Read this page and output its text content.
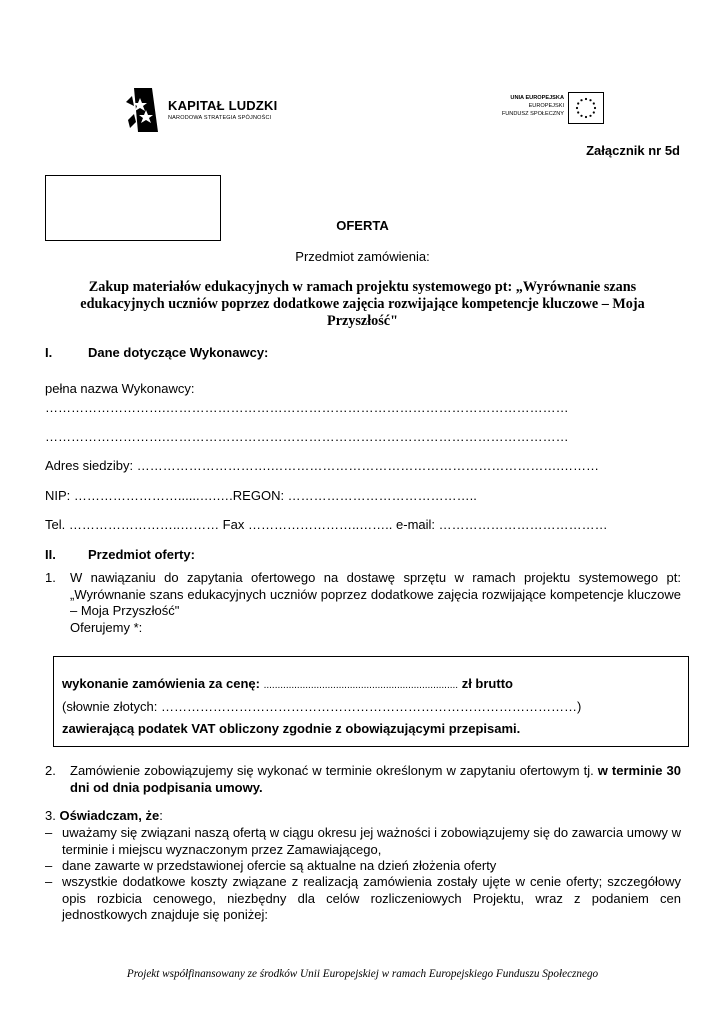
KAPITAŁ LUDZKI
NARODOWA STRATEGIA SPÓJNOŚCI
UNIA EUROPEJSKA
EUROPEJSKI
FUNDUSZ SPOŁECZNY
Załącznik nr 5d
OFERTA
Przedmiot zamówienia:
Zakup materiałów edukacyjnych w ramach projektu systemowego pt: „Wyrównanie szans edukacyjnych uczniów poprzez dodatkowe zajęcia rozwijające kompetencje kluczowe – Moja Przyszłość"
I.	Dane dotyczące Wykonawcy:
pełna nazwa Wykonawcy:
……………………….…………………………………………………………………………………
……………………….…………………………………………………………………………………
Adres siedziby: ………………………….………………………………………………………….………
NIP: ……………………......….….REGON: ……………………………………..
Tel. ……………………..……… Fax ……………………..…….. e-mail: …………………………………
II. Przedmiot oferty:
1. W nawiązaniu do zapytania ofertowego na dostawę sprzętu w ramach projektu systemowego pt: „Wyrównanie szans edukacyjnych uczniów poprzez dodatkowe zajęcia rozwijające kompetencje kluczowe – Moja Przyszłość"
Oferujemy *:
wykonanie zamówienia za cenę: ...................................................................... zł brutto
(słownie złotych: ……………………………………………………………………………………)
zawierającą podatek VAT obliczony zgodnie z obowiązującymi przepisami.
2. Zamówienie zobowiązujemy się wykonać w terminie określonym w zapytaniu ofertowym tj. w terminie 30 dni od dnia podpisania umowy.
3. Oświadczam, że:
– uważamy się związani naszą ofertą w ciągu okresu jej ważności i zobowiązujemy się do zawarcia umowy w terminie i miejscu wyznaczonym przez Zamawiającego,
– dane zawarte w przedstawionej ofercie są aktualne na dzień złożenia oferty
– wszystkie dodatkowe koszty związane z realizacją zamówienia zostały ujęte w cenie oferty; szczegółowy opis rozbicia cenowego, niezbędny dla celów rozliczeniowych Projektu, wraz z podaniem cen jednostkowych znajduje się poniżej:
Projekt współfinansowany ze środków Unii Europejskiej w ramach Europejskiego Funduszu Społecznego
